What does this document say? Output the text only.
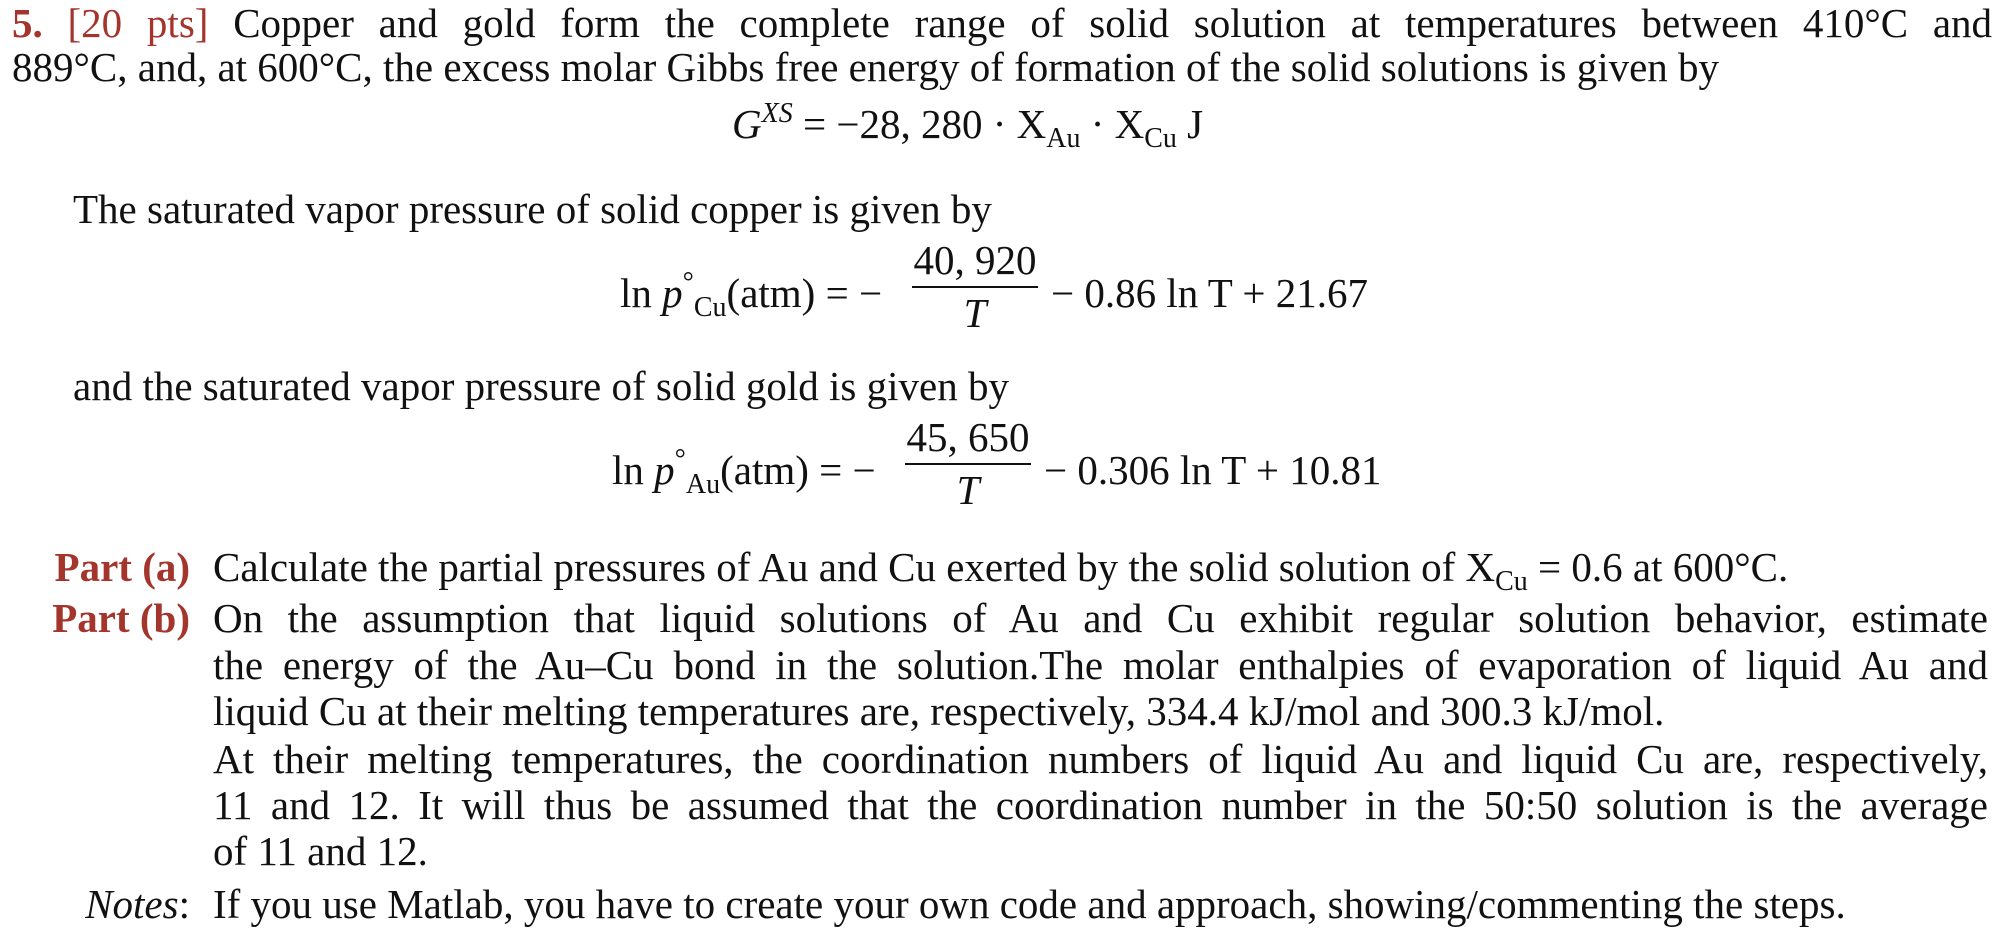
5. [20 pts] Copper and gold form the complete range of solid solution at temperatures between 410°C and
889°C, and, at 600°C, the excess molar Gibbs free energy of formation of the solid solutions is given by
$G^{XS} = -28$, $280 \cdot X_{Au} \cdot X_{Cu}$ J
The saturated vapor pressure of solid copper is given by
$\ln p^\circ_{Cu}(atm)$ = −
40, 920
T	− 0.86 ln T + 21.67
and the saturated vapor pressure of solid gold is given by
$\ln p^\circ_{Au}(atm)$ = −
45, 650
T	− 0.306 ln T + 10.81
Part (a) Calculate the partial pressures of Au and Cu exerted by the solid solution of $X_{Cu} = 0.6$ at 600°C.
Part (b) On the assumption that liquid solutions of Au and Cu exhibit regular solution behavior, estimate
the energy of the Au–Cu bond in the solution.The molar enthalpies of evaporation of liquid Au and
liquid Cu at their melting temperatures are, respectively, 334.4 kJ/mol and 300.3 kJ/mol.
At their melting temperatures, the coordination numbers of liquid Au and liquid Cu are, respectively,
11 and 12. It will thus be assumed that the coordination number in the 50:50 solution is the average
of 11 and 12.
Notes: If you use Matlab, you have to create your own code and approach, showing/commenting the steps.
